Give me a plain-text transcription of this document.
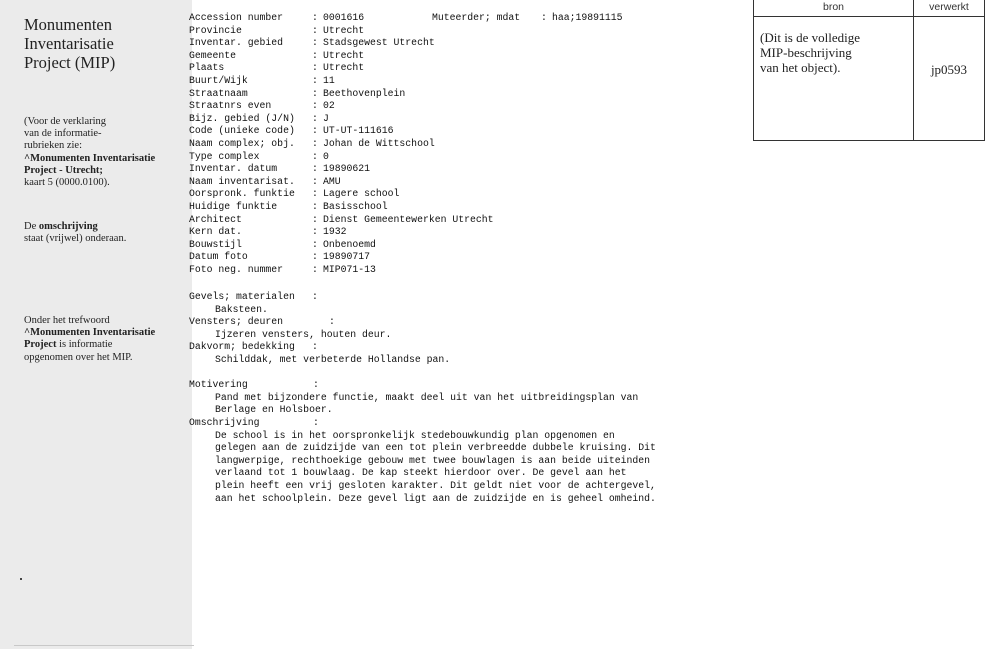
Monumenten
Inventarisatie
Project (MIP)
(Voor de verklaring
van de informatie-
rubrieken zie:
^Monumenten Inventarisatie
Project - Utrecht;
kaart 5 (0000.0100).
De omschrijving
staat (vrijwel) onderaan.
Onder het trefwoord
^Monumenten Inventarisatie
Project is informatie
opgenomen over het MIP.
Accession number	: 0001616
Provincie	: Utrecht
Inventar. gebied	: Stadsgewest Utrecht
Gemeente	: Utrecht
Plaats	: Utrecht
Buurt/Wijk	: 11
Straatnaam	: Beethovenplein
Straatnrs even	: 02
Bijz. gebied (J/N) : J
Code (unieke code) : UT-UT-111616
Naam complex; obj. : Johan de Wittschool
Type complex	: 0
Inventar. datum	: 19890621
Naam inventarisat. : AMU
Oorspronk. funktie : Lagere school
Huidige funktie	: Basisschool
Architect	: Dienst Gemeentewerken Utrecht
Kern dat.	: 1932
Bouwstijl	: Onbenoemd
Datum foto	: 19890717
Foto neg. nummer	: MIP071-13
Muteerder; mdat : haa;19891115
Gevels; materialen :
Baksteen.
Vensters; deuren	:
Ijzeren vensters, houten deur.
Dakvorm; bedekking :
Schilddak, met verbeterde Hollandse pan.
Motivering	:
Pand met bijzondere functie, maakt deel uit van het uitbreidingsplan van
Berlage en Holsboer.
Omschrijving	:
De school is in het oorspronkelijk stedebouwkundig plan opgenomen en
gelegen aan de zuidzijde van een tot plein verbreedde dubbele kruising. Dit
langwerpige, rechthoekige gebouw met twee bouwlagen is aan beide uiteinden
verlaand tot 1 bouwlaag. De kap steekt hierdoor over. De gevel aan het
plein heeft een vrij gesloten karakter. Dit geldt niet voor de achtergevel,
aan het schoolplein. Deze gevel ligt aan de zuidzijde en is geheel omheind.
bron	verwerkt
(Dit is de volledige
MIP-beschrijving
van het object).	jp0593
